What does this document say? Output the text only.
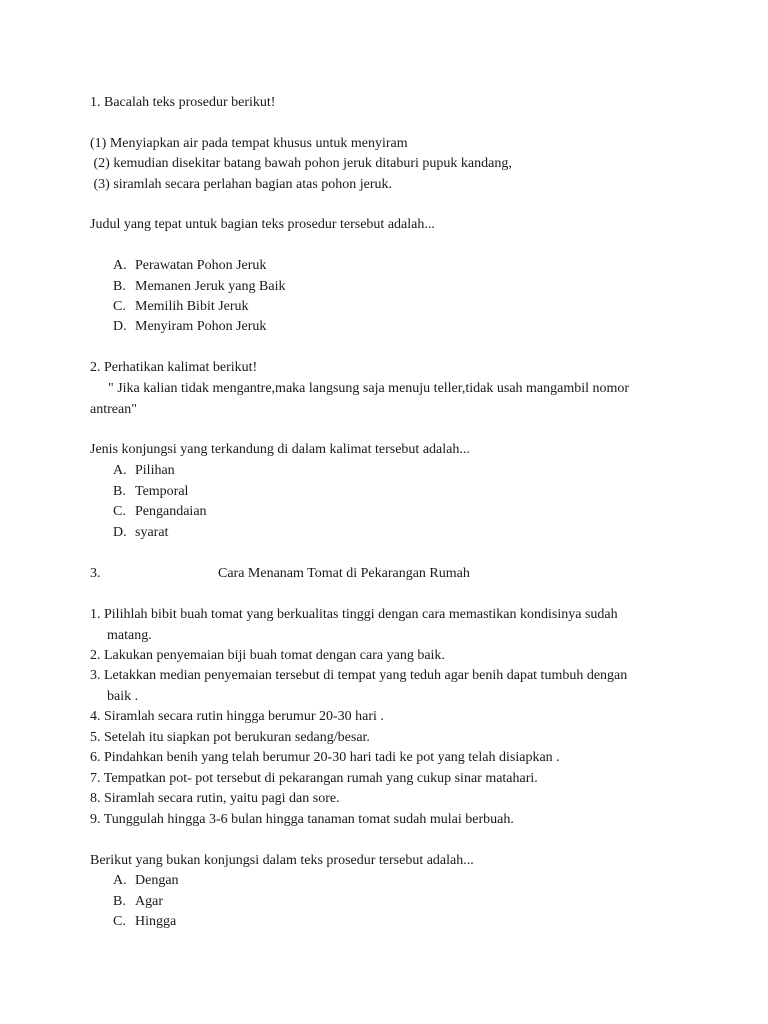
1. Bacalah teks prosedur berikut!
(1) Menyiapkan air pada tempat khusus untuk menyiram
(2) kemudian disekitar batang bawah pohon jeruk ditaburi pupuk kandang,
(3) siramlah secara perlahan bagian atas pohon jeruk.
Judul yang tepat untuk bagian teks prosedur tersebut adalah...
A. Perawatan Pohon Jeruk
B. Memanen Jeruk yang Baik
C. Memilih Bibit Jeruk
D. Menyiram Pohon Jeruk
2. Perhatikan kalimat berikut!
" Jika kalian tidak mengantre,maka langsung saja menuju teller,tidak usah mangambil nomor
antrean"
Jenis konjungsi yang terkandung di dalam kalimat tersebut adalah...
A. Pilihan
B. Temporal
C. Pengandaian
D. syarat
3.	Cara Menanam Tomat di Pekarangan Rumah
1. Pilihlah bibit buah tomat yang berkualitas tinggi dengan cara memastikan kondisinya sudah
matang.
2. Lakukan penyemaian biji buah tomat dengan cara yang baik.
3. Letakkan median penyemaian tersebut di tempat yang teduh agar benih dapat tumbuh dengan
baik .
4. Siramlah secara rutin hingga berumur 20-30 hari .
5. Setelah itu siapkan pot berukuran sedang/besar.
6. Pindahkan benih yang telah berumur 20-30 hari tadi ke pot yang telah disiapkan .
7. Tempatkan pot- pot tersebut di pekarangan rumah yang cukup sinar matahari.
8. Siramlah secara rutin, yaitu pagi dan sore.
9. Tunggulah hingga 3-6 bulan hingga tanaman tomat sudah mulai berbuah.
Berikut yang bukan konjungsi dalam teks prosedur tersebut adalah...
A. Dengan
B. Agar
C. Hingga
